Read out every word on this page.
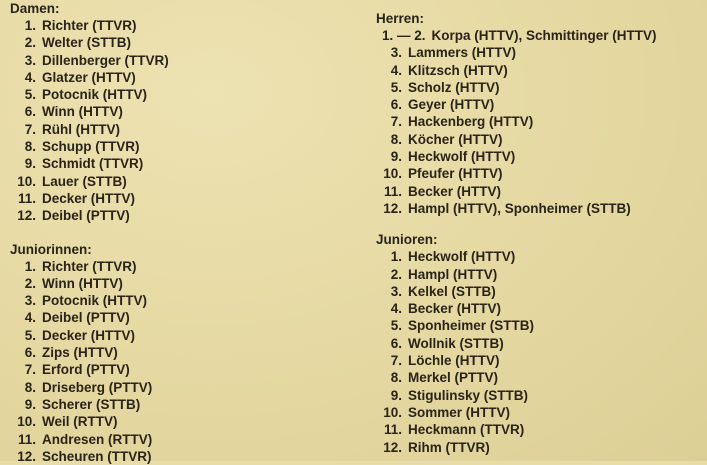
Damen:
1. Richter (TTVR)
2. Welter (STTB)
3. Dillenberger (TTVR)
4. Glatzer (HTTV)
5. Potocnik (HTTV)
6. Winn (HTTV)
7. Rühl (HTTV)
8. Schupp (TTVR)
9. Schmidt (TTVR)
10. Lauer (STTB)
11. Decker (HTTV)
12. Deibel (PTTV)
Juniorinnen:
1. Richter (TTVR)
2. Winn (HTTV)
3. Potocnik (HTTV)
4. Deibel (PTTV)
5. Decker (HTTV)
6. Zips (HTTV)
7. Erford (PTTV)
8. Driseberg (PTTV)
9. Scherer (STTB)
10. Weil (RTTV)
11. Andresen (RTTV)
12. Scheuren (TTVR)
Herren:
1. — 2. Korpa (HTTV), Schmittinger (HTTV)
3. Lammers (HTTV)
4. Klitzsch (HTTV)
5. Scholz (HTTV)
6. Geyer (HTTV)
7. Hackenberg (HTTV)
8. Köcher (HTTV)
9. Heckwolf (HTTV)
10. Pfeufer (HTTV)
11. Becker (HTTV)
12. Hampl (HTTV), Sponheimer (STTB)
Junioren:
1. Heckwolf (HTTV)
2. Hampl (HTTV)
3. Kelkel (STTB)
4. Becker (HTTV)
5. Sponheimer (STTB)
6. Wollnik (STTB)
7. Löchle (HTTV)
8. Merkel (PTTV)
9. Stigulinsky (STTB)
10. Sommer (HTTV)
11. Heckmann (TTVR)
12. Rihm (TTVR)
